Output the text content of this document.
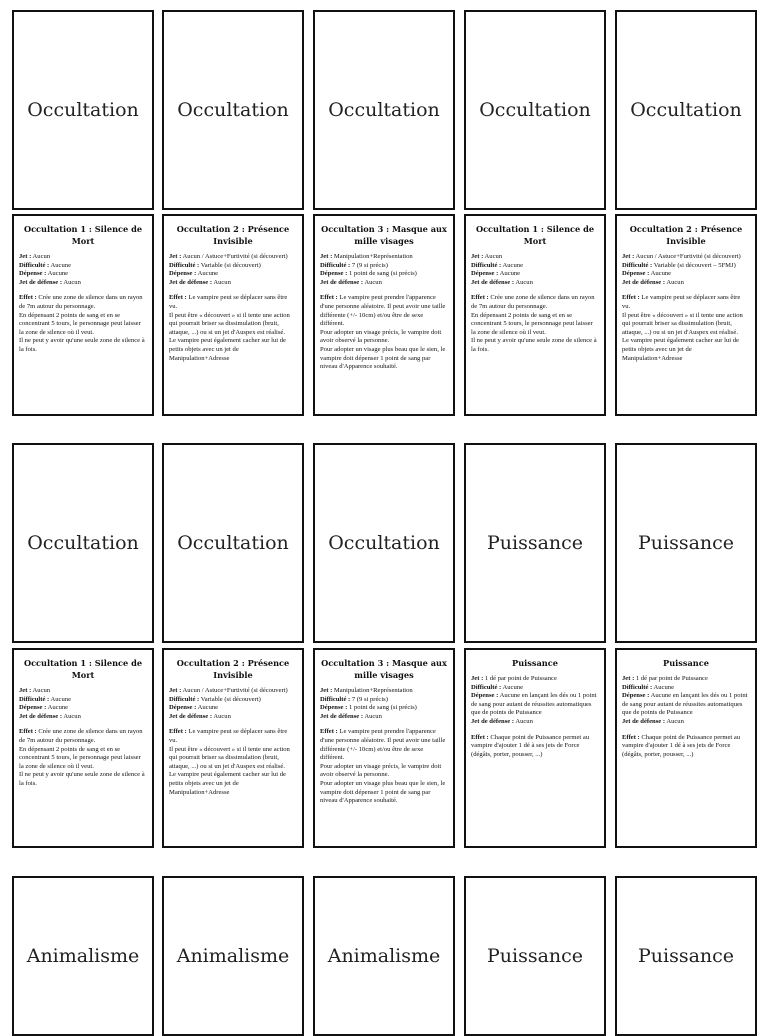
Occultation Occultation Occultation Occultation Occultation
Occultation Occultation Occultation Puissance	Puissance
Animalisme Animalisme Animalisme Puissance	Puissance
Occultation 1 : Silence de Mort
Jet : Aucun
Difficulté : Aucune
Dépense : Aucune
Jet de défense : Aucun
Effet : Crée une zone de silence dans un rayon de 7m autour du personnage.
En dépensant 2 points de sang et en se concentrant 5 tours, le personnage peut laisser la zone de silence où il veut.
Il ne peut y avoir qu'une seule zone de silence à la fois.
Occultation 2 : Présence Invisible
Jet : Aucun / Astuce+Furtivité (si découvert)
Difficulté : Variable (si découvert)
Dépense : Aucune
Jet de défense : Aucun
Effet : Le vampire peut se déplacer sans être vu.
Il peut être « découvert » si il tente une action qui pourrait briser sa dissimulation (bruit, attaque, ...) ou si un jet d'Auspex est réalisé.
Le vampire peut également cacher sur lui de petits objets avec un jet de Manipulation+Adresse
Occultation 3 : Masque aux mille visages
Jet : Manipulation+Représentation
Difficulté : 7 (9 si précis)
Dépense : 1 point de sang (si précis)
Jet de défense : Aucun
Effet : Le vampire peut prendre l'apparence d'une personne aléatoire. Il peut avoir une taille différente (+/- 10cm) et/ou être de sexe différent.
Pour adopter un visage précis, le vampire doit avoir observé la personne.
Pour adopter un visage plus beau que le sien, le vampire doit dépenser 1 point de sang par niveau d'Apparence souhaité.
Occultation 1 : Silence de Mort
Jet : Aucun
Difficulté : Aucune
Dépense : Aucune
Jet de défense : Aucun
Effet : Crée une zone de silence dans un rayon de 7m autour du personnage.
En dépensant 2 points de sang et en se concentrant 5 tours, le personnage peut laisser la zone de silence où il veut.
Il ne peut y avoir qu'une seule zone de silence à la fois.
Occultation 2 : Présence Invisible
Jet : Aucun / Astuce+Furtivité (si découvert)
Difficulté : Variable (si découvert – 5FMJ)
Dépense : Aucune
Jet de défense : Aucun
Effet : Le vampire peut se déplacer sans être vu.
Il peut être « découvert » si il tente une action qui pourrait briser sa dissimulation (bruit, attaque, ...) ou si un jet d'Auspex est réalisé.
Le vampire peut également cacher sur lui de petits objets avec un jet de Manipulation+Adresse
Occultation 1 : Silence de Mort
Jet : Aucun
Difficulté : Aucune
Dépense : Aucune
Jet de défense : Aucun
Effet : Crée une zone de silence dans un rayon de 7m autour du personnage.
En dépensant 2 points de sang et en se concentrant 5 tours, le personnage peut laisser la zone de silence où il veut.
Il ne peut y avoir qu'une seule zone de silence à la fois.
Occultation 2 : Présence Invisible
Jet : Aucun / Astuce+Furtivité (si découvert)
Difficulté : Variable (si découvert)
Dépense : Aucune
Jet de défense : Aucun
Effet : Le vampire peut se déplacer sans être vu.
Il peut être « découvert » si il tente une action qui pourrait briser sa dissimulation (bruit, attaque, ...) ou si un jet d'Auspex est réalisé.
Le vampire peut également cacher sur lui de petits objets avec un jet de Manipulation+Adresse
Occultation 3 : Masque aux mille visages
Jet : Manipulation+Représentation
Difficulté : 7 (9 si précis)
Dépense : 1 point de sang (si précis)
Jet de défense : Aucun
Effet : Le vampire peut prendre l'apparence d'une personne aléatoire. Il peut avoir une taille différente (+/- 10cm) et/ou être de sexe différent.
Pour adopter un visage précis, le vampire doit avoir observé la personne.
Pour adopter un visage plus beau que le sien, le vampire doit dépenser 1 point de sang par niveau d'Apparence souhaité.
Puissance
Jet : 1 dé par point de Puissance
Difficulté : Aucune
Dépense : Aucune en lançant les dés ou 1 point de sang pour autant de réussites automatiques que de points de Puissance
Jet de défense : Aucun
Effet : Chaque point de Puissance permet au vampire d'ajouter 1 dé à ses jets de Force (dégâts, porter, pousser, ...)
Puissance
Jet : 1 dé par point de Puissance
Difficulté : Aucune
Dépense : Aucune en lançant les dés ou 1 point de sang pour autant de réussites automatiques que de points de Puissance
Jet de défense : Aucun
Effet : Chaque point de Puissance permet au vampire d'ajouter 1 dé à ses jets de Force (dégâts, porter, pousser, ...)
